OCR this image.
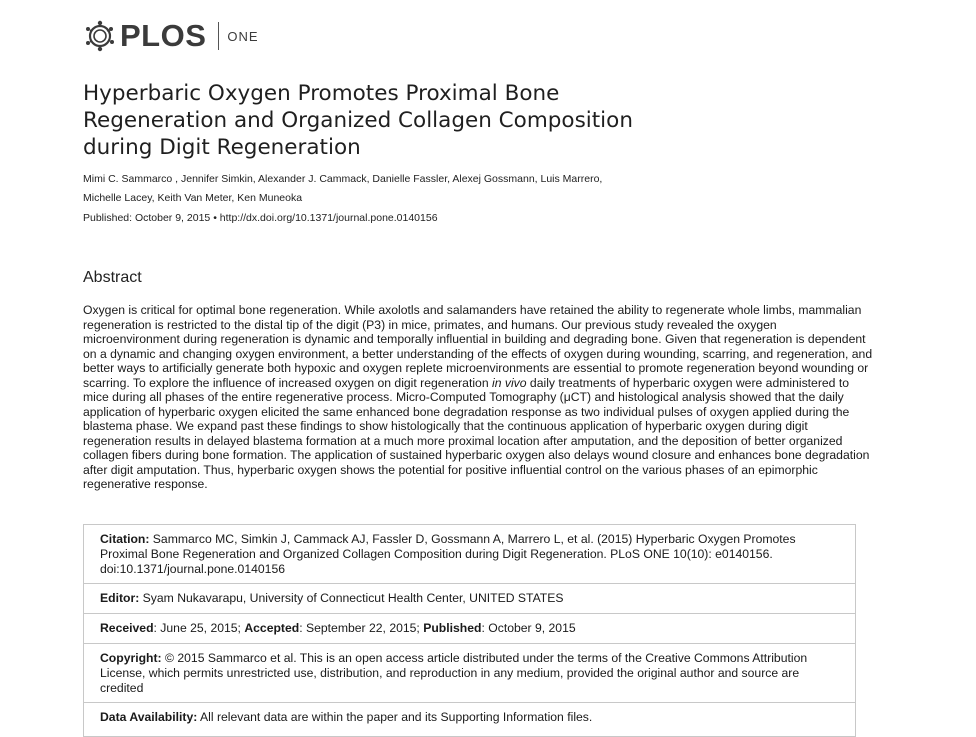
PLOS ONE
Hyperbaric Oxygen Promotes Proximal Bone Regeneration and Organized Collagen Composition during Digit Regeneration
Mimi C. Sammarco , Jennifer Simkin, Alexander J. Cammack, Danielle Fassler, Alexej Gossmann, Luis Marrero,
Michelle Lacey, Keith Van Meter, Ken Muneoka
Published: October 9, 2015 • http://dx.doi.org/10.1371/journal.pone.0140156
Abstract

Oxygen is critical for optimal bone regeneration. While axolotls and salamanders have retained the ability to regenerate whole limbs, mammalian regeneration is restricted to the distal tip of the digit (P3) in mice, primates, and humans. Our previous study revealed the oxygen microenvironment during regeneration is dynamic and temporally influential in building and degrading bone. Given that regeneration is dependent on a dynamic and changing oxygen environment, a better understanding of the effects of oxygen during wounding, scarring, and regeneration, and better ways to artificially generate both hypoxic and oxygen replete microenvironments are essential to promote regeneration beyond wounding or scarring. To explore the influence of increased oxygen on digit regeneration in vivo daily treatments of hyperbaric oxygen were administered to mice during all phases of the entire regenerative process. Micro-Computed Tomography (μCT) and histological analysis showed that the daily application of hyperbaric oxygen elicited the same enhanced bone degradation response as two individual pulses of oxygen applied during the blastema phase. We expand past these findings to show histologically that the continuous application of hyperbaric oxygen during digit regeneration results in delayed blastema formation at a much more proximal location after amputation, and the deposition of better organized collagen fibers during bone formation. The application of sustained hyperbaric oxygen also delays wound closure and enhances bone degradation after digit amputation. Thus, hyperbaric oxygen shows the potential for positive influential control on the various phases of an epimorphic regenerative response.

Citation: Sammarco MC, Simkin J, Cammack AJ, Fassler D, Gossmann A, Marrero L, et al. (2015) Hyperbaric Oxygen Promotes Proximal Bone Regeneration and Organized Collagen Composition during Digit Regeneration. PLoS ONE 10(10): e0140156. doi:10.1371/journal.pone.0140156
Editor: Syam Nukavarapu, University of Connecticut Health Center, UNITED STATES
Received: June 25, 2015; Accepted: September 22, 2015; Published: October 9, 2015
Copyright: © 2015 Sammarco et al. This is an open access article distributed under the terms of the Creative Commons Attribution License, which permits unrestricted use, distribution, and reproduction in any medium, provided the original author and source are credited
Data Availability: All relevant data are within the paper and its Supporting Information files.
